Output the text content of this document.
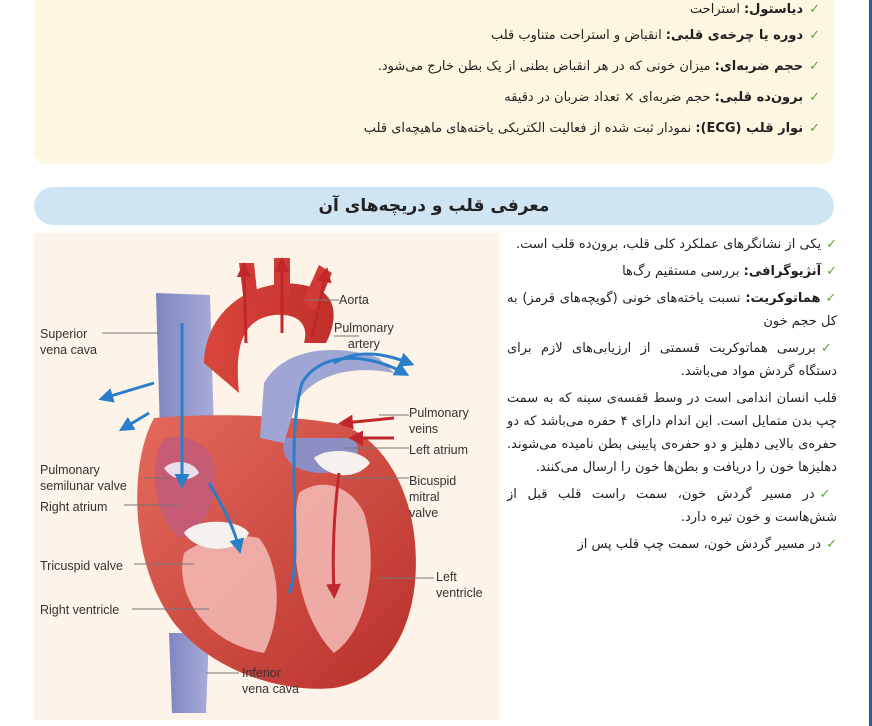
✓
دیاستول:
استراحت
✓
دوره یا چرخه‌ی قلبی:
انقباض و استراحت متناوب قلب
✓
حجم ضربه‌ای:
میزان خونی که در هر انقباض بطنی از یک بطن خارج می‌شود.
✓
برون‌ده قلبی:
حجم ضربه‌ای × تعداد ضربان در دقیقه
✓
نوار قلب (ECG):
نمودار ثبت شده از فعالیت الکتریکی یاخته‌های ماهیچه‌ای قلب
معرفی قلب و دریچه‌های آن
Aorta
Pulmonary
artery
Superior
vena cava
Pulmonary
veins
Left atrium
Pulmonary
semilunar valve	Bicuspid
mitral
valve
Right atrium
Tricuspid valve
Left
ventricle
Right ventricle
Inferior
vena cava

✓یکی از نشانگرهای عملکرد کلی قلب، برون‌ده قلب است.

✓آنژیوگرافی: بررسی مستقیم رگ‌ها

✓هماتوکریت: نسبت یاخته‌های خونی (گویچه‌های قرمز) به کل حجم خون

✓بررسی هماتوکریت قسمتی از ارزیابی‌های لازم برای دستگاه گردش مواد می‌باشد.

قلب انسان اندامی است در وسط قفسه‌ی سینه که به سمت چپ بدن متمایل است. این اندام دارای ۴ حفره می‌باشد که دو حفره‌ی بالایی دهلیز و دو حفره‌ی پایینی بطن نامیده می‌شوند. دهلیزها خون را دریافت و بطن‌ها خون را ارسال می‌کنند.

✓در مسیر گردش خون، سمت راست قلب قبل از شش‌هاست و خون تیره دارد.

✓در مسیر گردش خون، سمت چپ قلب پس از
